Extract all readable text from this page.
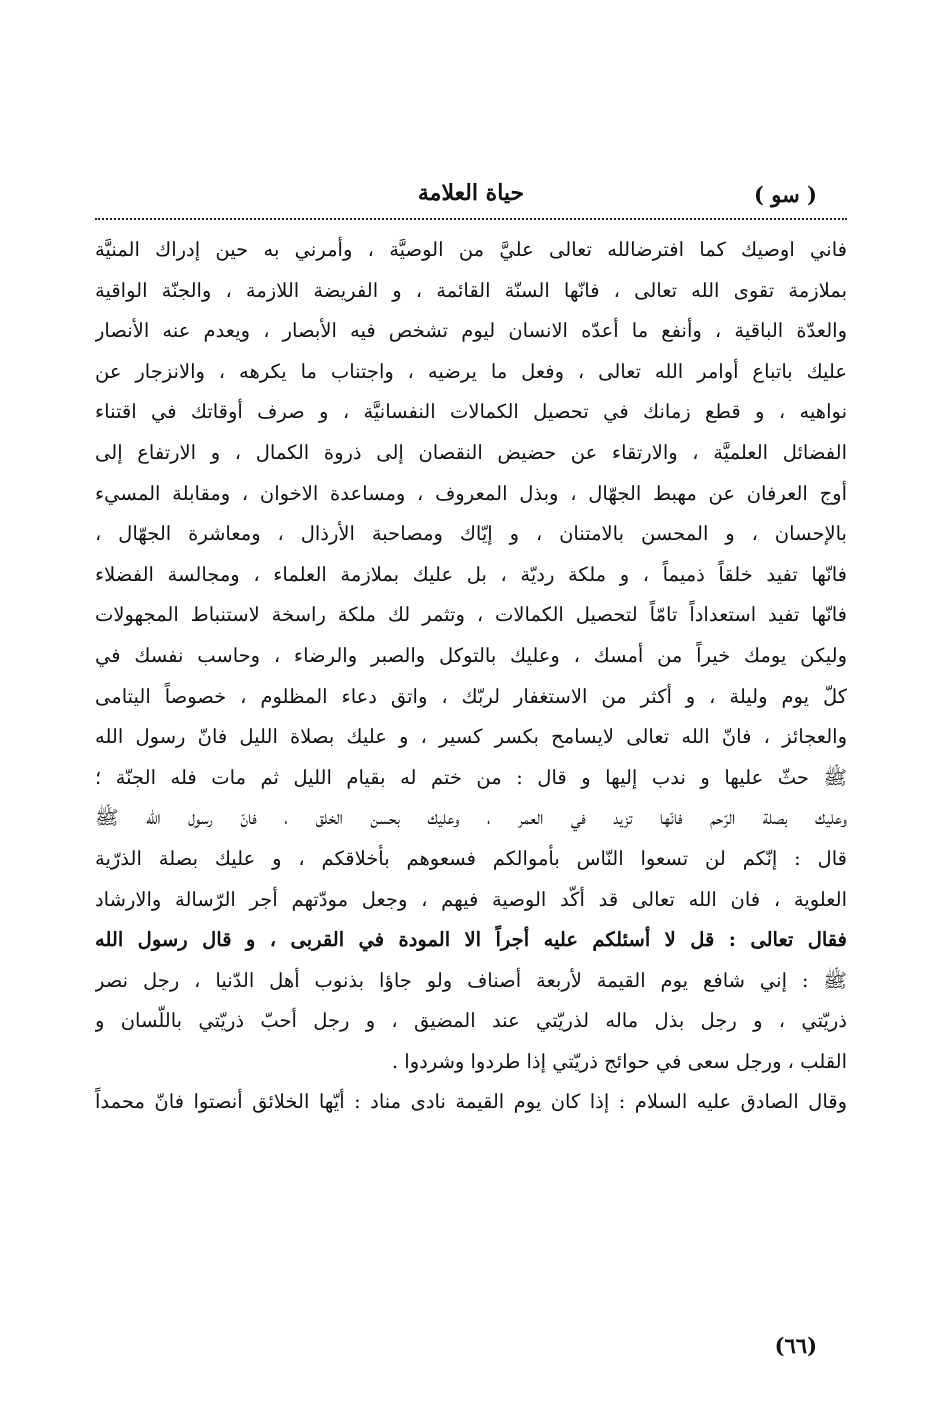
( سو )
حياة العلامة
فاني اوصيك كما افترضالله تعالى عليَّ من الوصيَّة ، وأمرني به حين إدراك المنيَّة
بملازمة تقوى الله تعالى ، فانّها السنّة القائمة ، و الفريضة اللازمة ، والجنّة الواقية
والعدّة الباقية ، وأنفع ما أعدّه الانسان ليوم تشخص فيه الأبصار ، ويعدم عنه الأنصار
عليك باتباع أوامر الله تعالى ، وفعل ما يرضيه ، واجتناب ما يكرهه ، والانزجار عن
نواهيه ، و قطع زمانك في تحصيل الكمالات النفسانيَّة ، و صرف أوقاتك في اقتناء
الفضائل العلميَّة ، والارتقاء عن حضيض النقصان إلى ذروة الكمال ، و الارتفاع إلى
أوج العرفان عن مهبط الجهّال ، وبذل المعروف ، ومساعدة الاخوان ، ومقابلة المسيء
بالإحسان ، و المحسن بالامتنان ، و إيّاك ومصاحبة الأرذال ، ومعاشرة الجهّال ،
فانّها تفيد خلقاً ذميماً ، و ملكة رديّة ، بل عليك بملازمة العلماء ، ومجالسة الفضلاء
فانّها تفيد استعداداً تامّاً لتحصيل الكمالات ، وتثمر لك ملكة راسخة لاستنباط المجهولات
وليكن يومك خيراً من أمسك ، وعليك بالتوكل والصبر والرضاء ، وحاسب نفسك في
كلّ يوم وليلة ، و أكثر من الاستغفار لربّك ، واتق دعاء المظلوم ، خصوصاً اليتامى
والعجائز ، فانّ الله تعالى لايسامح بكسر كسير ، و عليك بصلاة الليل فانّ رسول الله
ﷺ حثّ عليها و ندب إليها و قال : من ختم له بقيام الليل ثم مات فله الجنّة ؛
وعليك بصلة الرّحم فانّها تزيد في العمر ، وعليك بحسن الخلق ، فانّ رسول الله ﷺ
قال : إنّكم لن تسعوا النّاس بأموالكم فسعوهم بأخلاقكم ، و عليك بصلة الذرّية
العلوية ، فان الله تعالى قد أكّد الوصية فيهم ، وجعل مودّتهم أجر الرّسالة والارشاد
فقال تعالى : قل لا أسئلكم عليه أجراً الا المودة في القربى ، و قال رسول الله
ﷺ : إني شافع يوم القيمة لأربعة أصناف ولو جاؤا بذنوب أهل الدّنيا ، رجل نصر
ذريّتي ، و رجل بذل ماله لذريّتي عند المضيق ، و رجل أحبّ ذريّتي باللّسان و
القلب ، ورجل سعى في حوائج ذريّتي إذا طردوا وشردوا .
وقال الصادق عليه السلام : إذا كان يوم القيمة نادى مناد : أيّها الخلائق أنصتوا فانّ محمداً
(٦٦)
